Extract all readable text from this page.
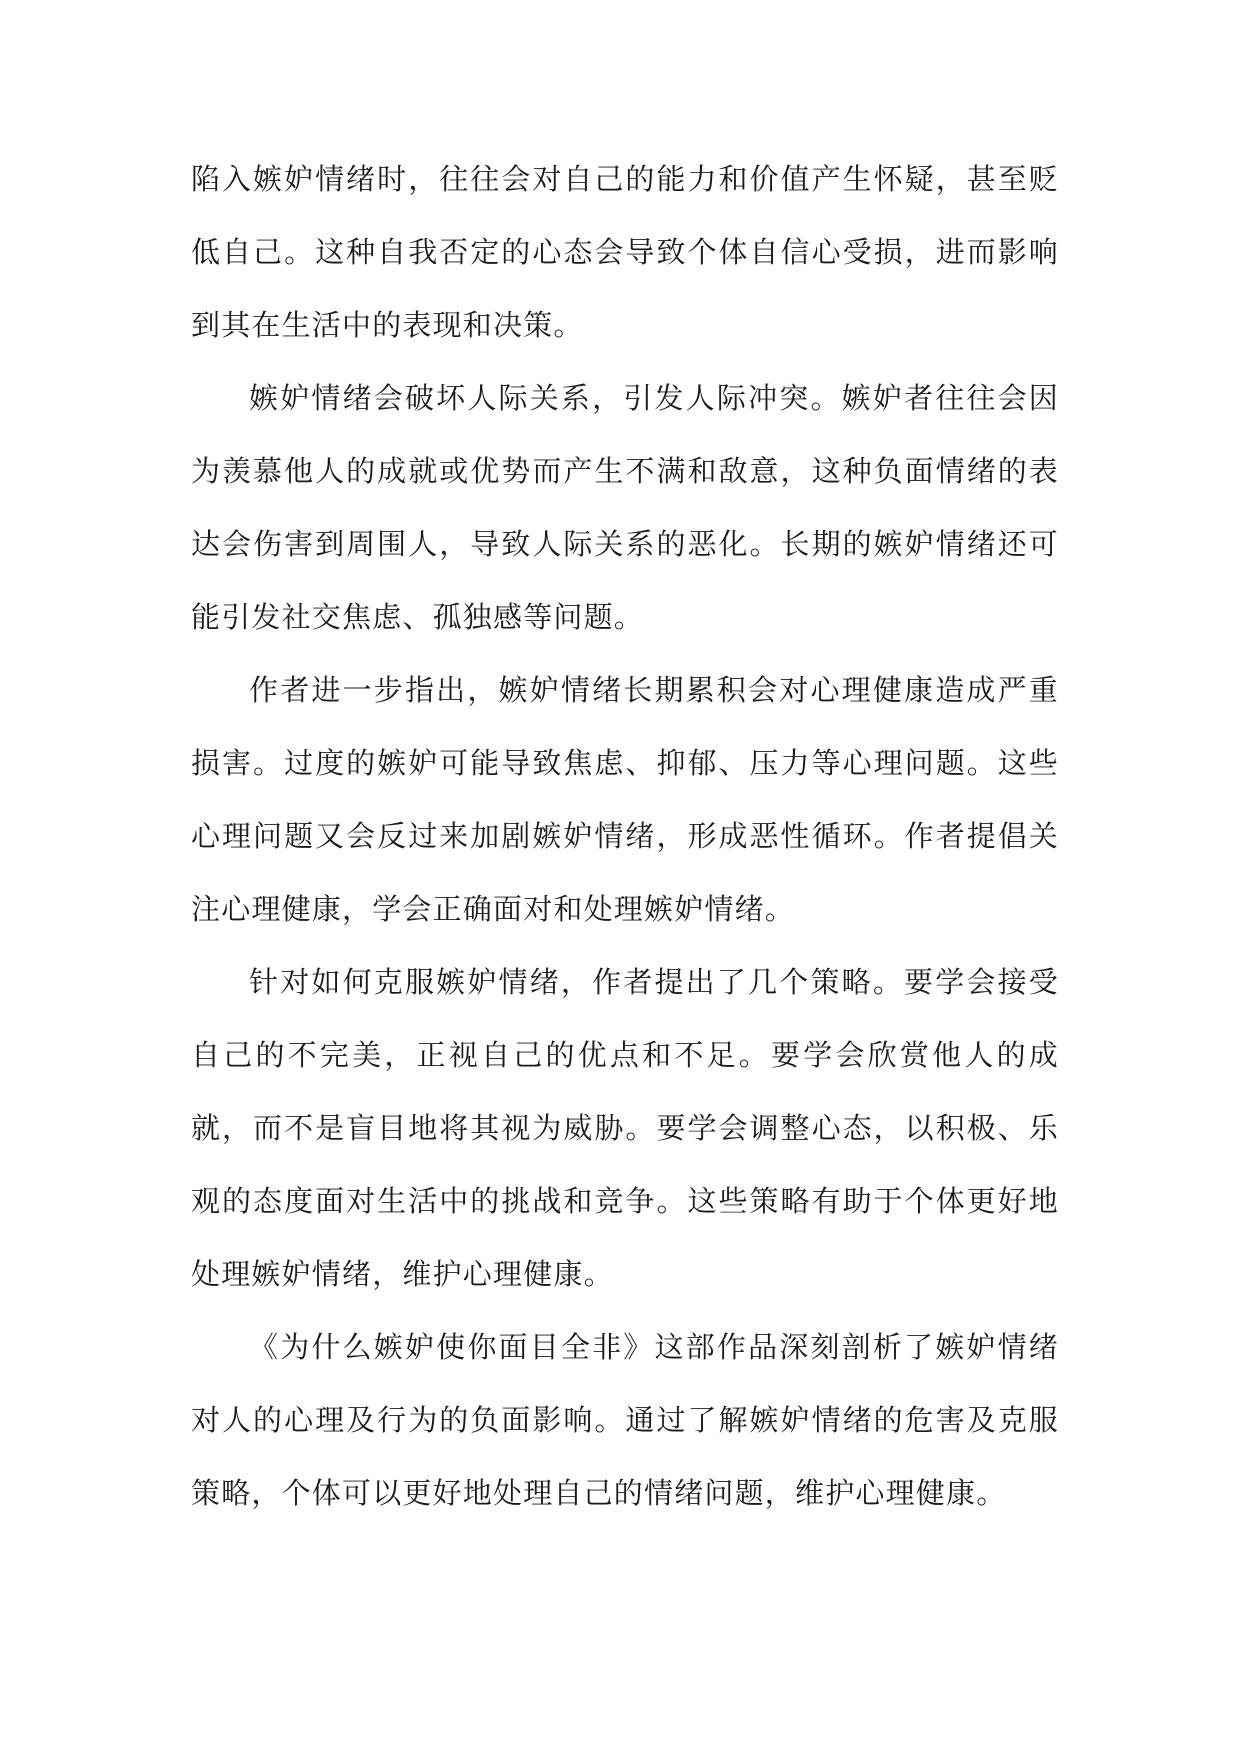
陷入嫉妒情绪时，往往会对自己的能力和价值产生怀疑，甚至贬低自己。这种自我否定的心态会导致个体自信心受损，进而影响到其在生活中的表现和决策。

嫉妒情绪会破坏人际关系，引发人际冲突。嫉妒者往往会因为羡慕他人的成就或优势而产生不满和敌意，这种负面情绪的表达会伤害到周围人，导致人际关系的恶化。长期的嫉妒情绪还可能引发社交焦虑、孤独感等问题。

作者进一步指出，嫉妒情绪长期累积会对心理健康造成严重损害。过度的嫉妒可能导致焦虑、抑郁、压力等心理问题。这些心理问题又会反过来加剧嫉妒情绪，形成恶性循环。作者提倡关注心理健康，学会正确面对和处理嫉妒情绪。

针对如何克服嫉妒情绪，作者提出了几个策略。要学会接受自己的不完美，正视自己的优点和不足。要学会欣赏他人的成就，而不是盲目地将其视为威胁。要学会调整心态，以积极、乐观的态度面对生活中的挑战和竞争。这些策略有助于个体更好地处理嫉妒情绪，维护心理健康。

《为什么嫉妒使你面目全非》这部作品深刻剖析了嫉妒情绪对人的心理及行为的负面影响。通过了解嫉妒情绪的危害及克服策略，个体可以更好地处理自己的情绪问题，维护心理健康。
